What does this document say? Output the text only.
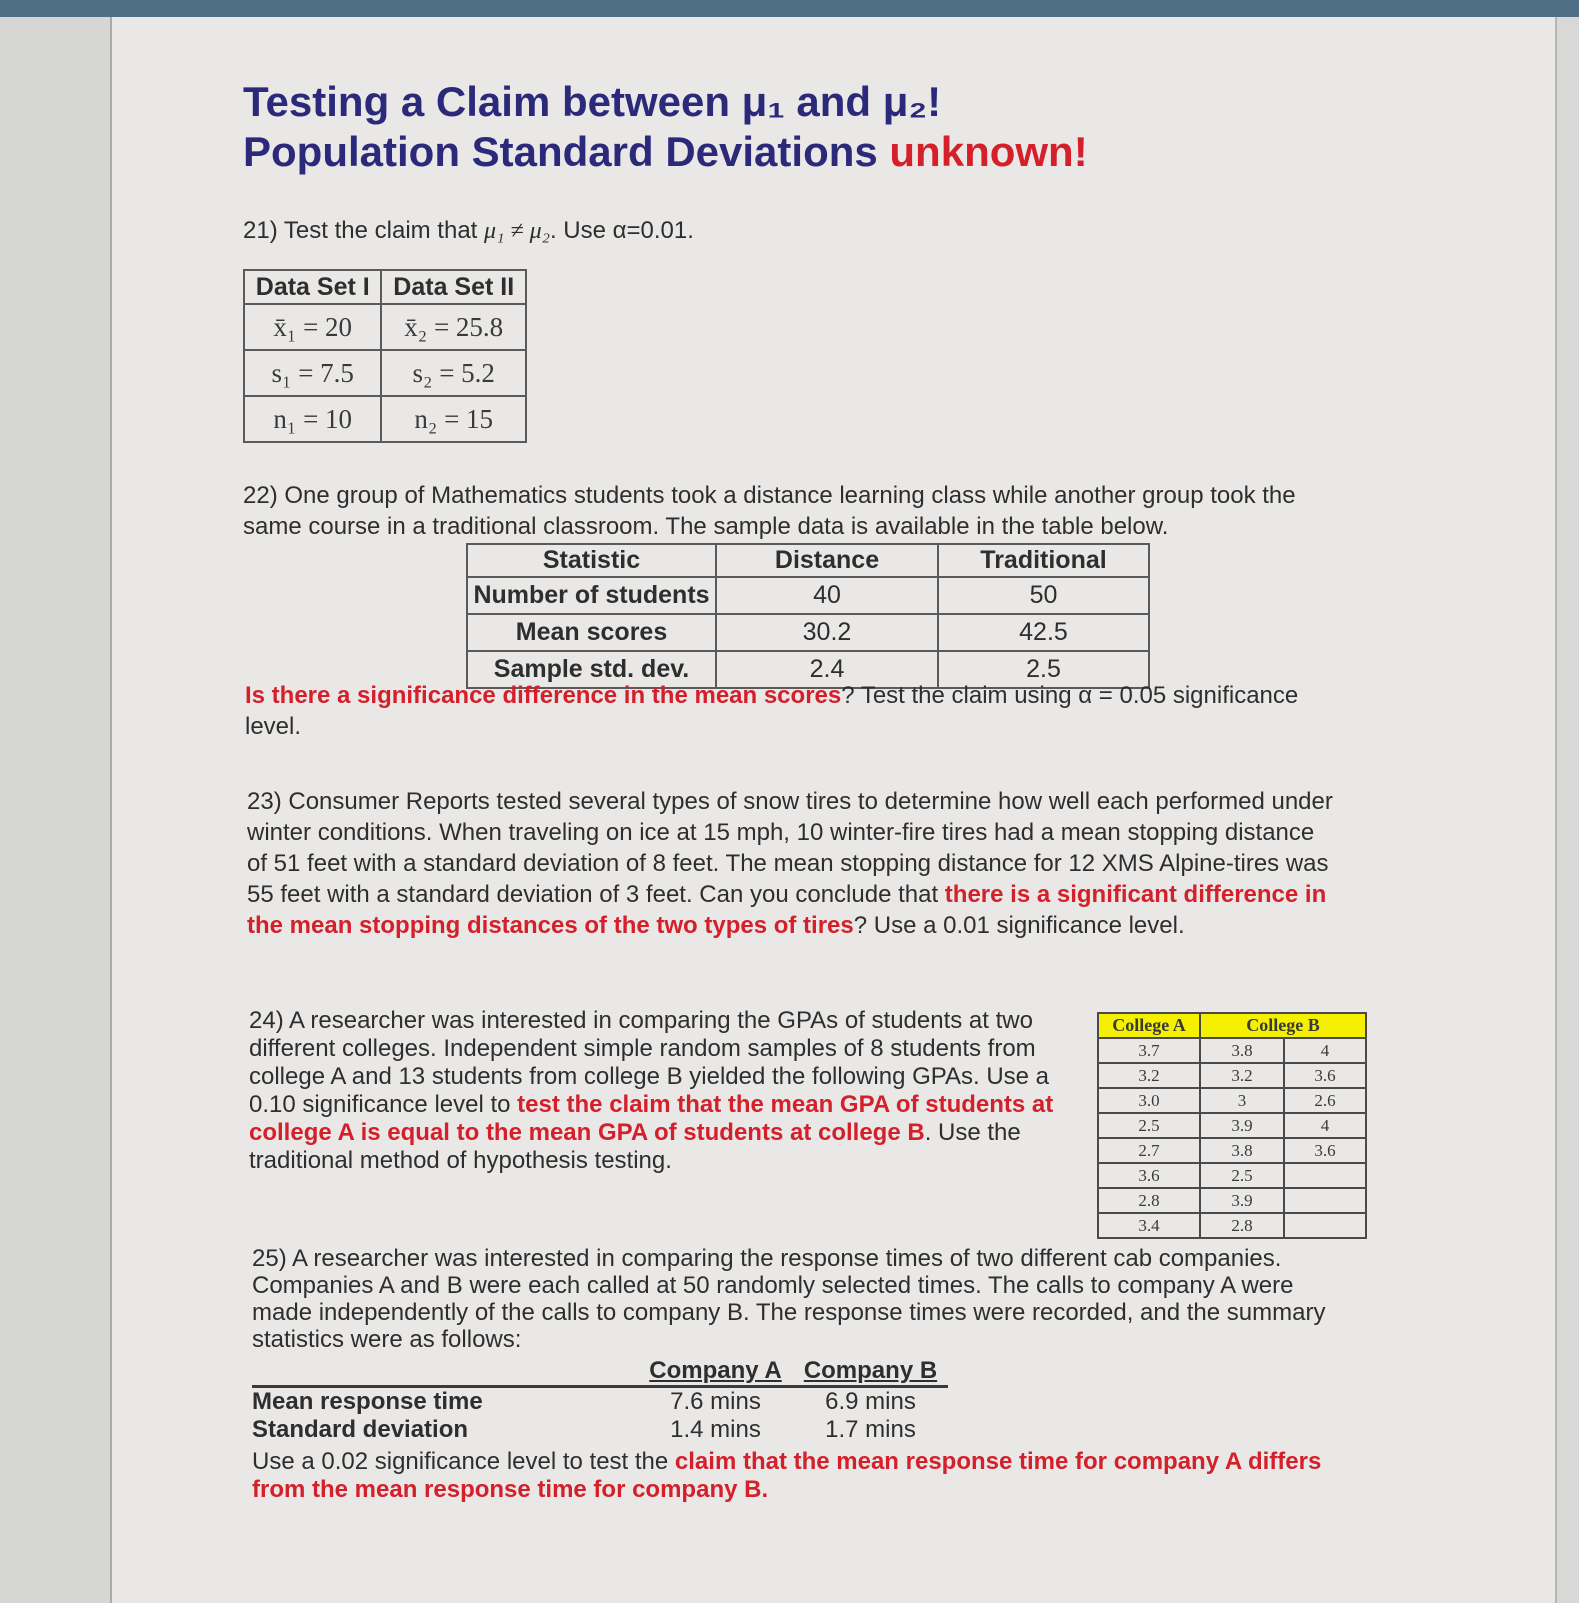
Testing a Claim between μ₁ and μ₂!
Population Standard Deviations unknown!
21) Test the claim that μ₁ ≠ μ₂. Use α=0.01.
Data Set I	Data Set II
x̄₁ = 20	x̄₂ = 25.8
s₁ = 7.5	s₂ = 5.2
n₁ = 10	n₂ = 15
22) One group of Mathematics students took a distance learning class while another group took the same course in a traditional classroom. The sample data is available in the table below.
Statistic	Distance	Traditional
Number of students	40	50
Mean scores	30.2	42.5
Sample std. dev.	2.4	2.5
Is there a significance difference in the mean scores? Test the claim using α = 0.05 significance level.
23) Consumer Reports tested several types of snow tires to determine how well each performed under winter conditions. When traveling on ice at 15 mph, 10 winter-fire tires had a mean stopping distance of 51 feet with a standard deviation of 8 feet. The mean stopping distance for 12 XMS Alpine-tires was 55 feet with a standard deviation of 3 feet. Can you conclude that there is a significant difference in the mean stopping distances of the two types of tires? Use a 0.01 significance level.
24) A researcher was interested in comparing the GPAs of students at two different colleges. Independent simple random samples of 8 students from college A and 13 students from college B yielded the following GPAs. Use a 0.10 significance level to test the claim that the mean GPA of students at college A is equal to the mean GPA of students at college B. Use the traditional method of hypothesis testing.
College A	College B	
3.7	3.8	4
3.2	3.2	3.6
3.0	3	2.6
2.5	3.9	4
2.7	3.8	3.6
3.6	2.5	
2.8	3.9	
3.4	2.8	
25) A researcher was interested in comparing the response times of two different cab companies. Companies A and B were each called at 50 randomly selected times. The calls to company A were made independently of the calls to company B. The response times were recorded, and the summary statistics were as follows:
	Company A	Company B
Mean response time	7.6 mins	6.9 mins
Standard deviation	1.4 mins	1.7 mins
Use a 0.02 significance level to test the claim that the mean response time for company A differs from the mean response time for company B.
